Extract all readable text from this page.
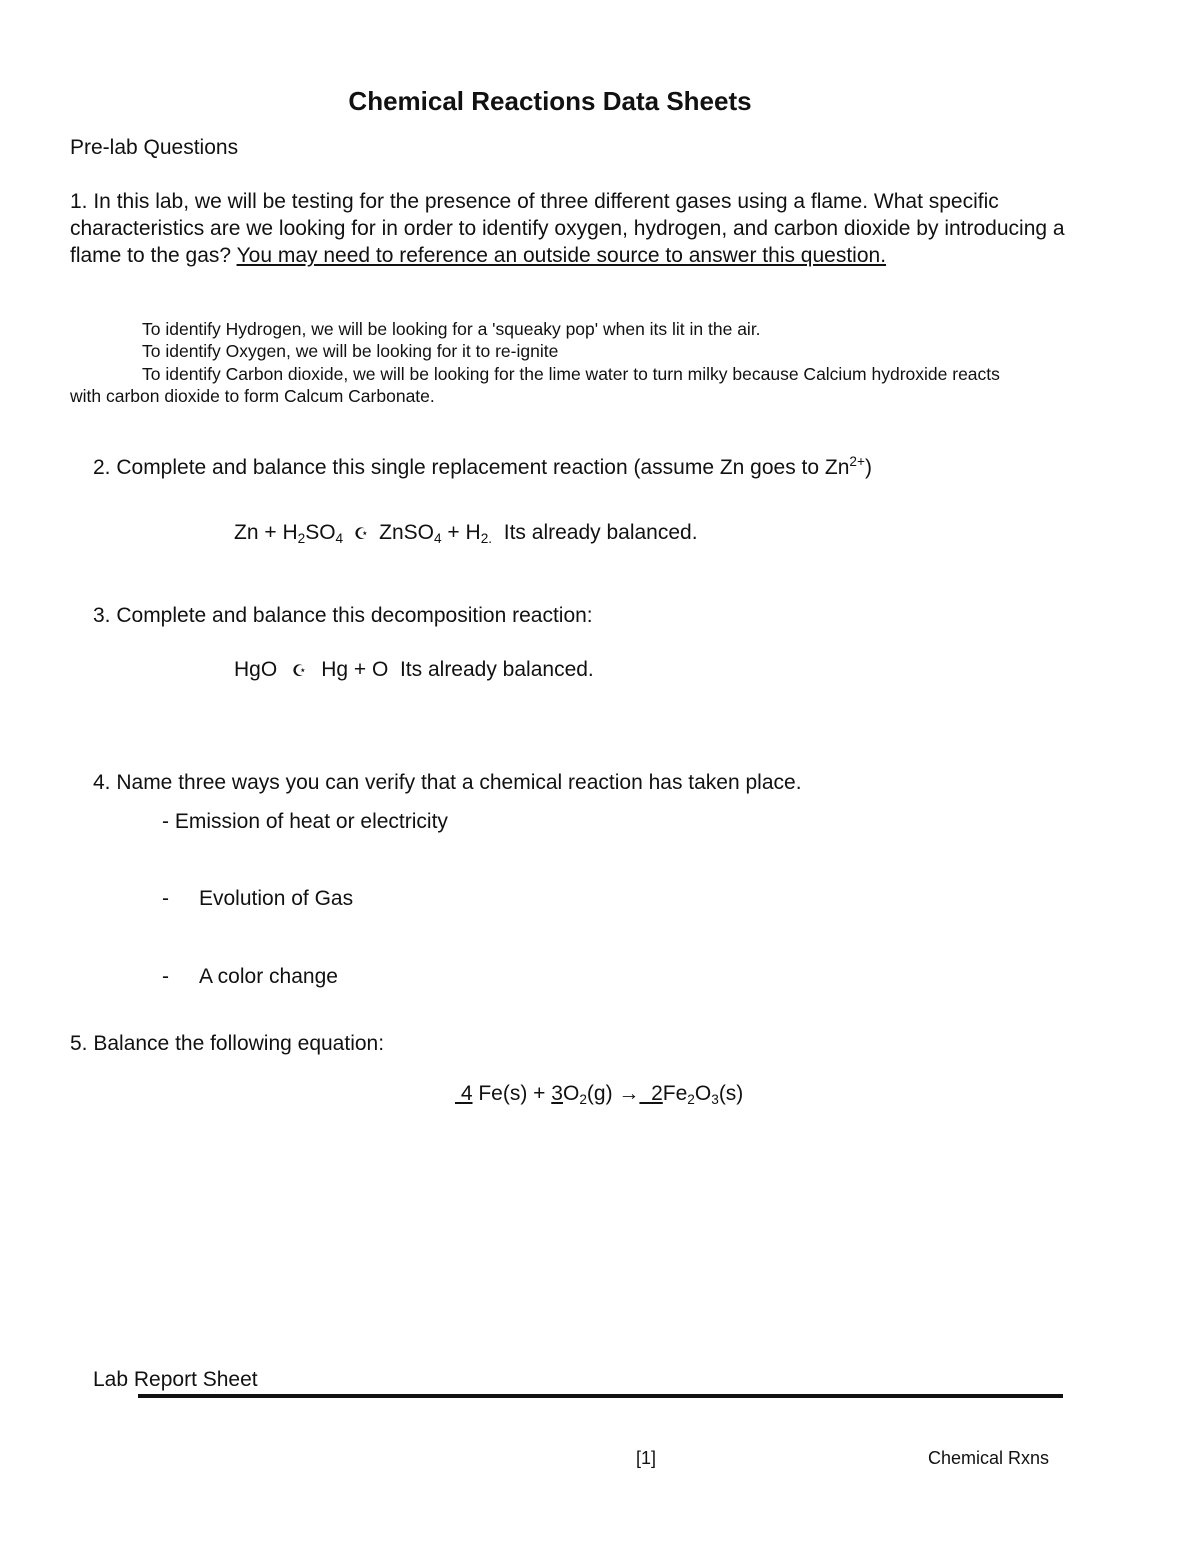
Chemical Reactions Data Sheets
Pre-lab Questions
1. In this lab, we will be testing for the presence of three different gases using a flame. What specific characteristics are we looking for in order to identify oxygen, hydrogen, and carbon dioxide by introducing a flame to the gas? You may need to reference an outside source to answer this question.
To identify Hydrogen, we will be looking for a 'squeaky pop' when its lit in the air.
To identify Oxygen, we will be looking for it to re-ignite
To identify Carbon dioxide, we will be looking for the lime water to turn milky because Calcium hydroxide reacts
with carbon dioxide to form Calcum Carbonate.
2. Complete and balance this single replacement reaction (assume Zn goes to $Zn^{2+}$)
$Zn + H_2SO_4$ ☪ ZnSO$_4$ + $H_{2.}$  Its already balanced.
3. Complete and balance this decomposition reaction:
HgO ☪ Hg + O  Its already balanced.
4. Name three ways you can verify that a chemical reaction has taken place.
- Emission of heat or electricity
- Evolution of Gas
- A color change
5. Balance the following equation:
4 $Fe(s) + 3O_2(g) \to 2Fe_2O_3(s)$
Lab Report Sheet
[1]	Chemical Rxns
